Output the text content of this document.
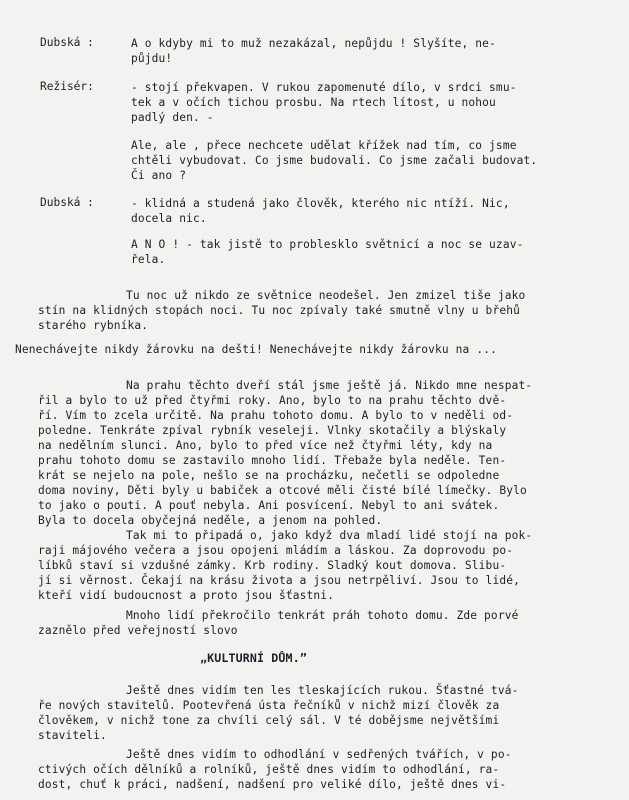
Dubská :	A o kdyby mi to muž nezakázal, nepůjdu ! Slyšíte, ne-
půjdu!
Režisér:	- stojí překvapen. V rukou zapomenuté dílo, v srdci smu-
tek a v očích tichou prosbu. Na rtech lítost, u nohou
padlý den. -
Ale, ale , přece nechcete udělat křížek nad tím, co jsme
chtěli vybudovat. Co jsme budovali. Co jsme začali budovat.
Či ano ?
Dubská :	- klidná a studená jako člověk, kterého nic ntíží. Nic,
docela nic.
A N O ! - tak jistě to problesklo světnicí a noc se uzav-
řela.
Tu noc už nikdo ze světnice neodešel. Jen zmizel tiše jako
stín na klidných stopách noci. Tu noc zpívaly také smutně vlny u břehů
starého rybníka.
Nenechávejte nikdy žárovku na dešti! Nenechávejte nikdy žárovku na ...
Na prahu těchto dveří stál jsme ještě já. Nikdo mne nespat-
řil a bylo to už před čtyřmi roky. Ano, bylo to na prahu těchto dvě-
ří. Vím to zcela určitě. Na prahu tohoto domu. A bylo to v neděli od-
poledne. Tenkráte zpíval rybník veseleji. Vlnky skotačily a blýskaly
na nedělním slunci. Ano, bylo to před více než čtyřmi léty, kdy na
prahu tohoto domu se zastavilo mnoho lidí. Třebaže byla neděle. Ten-
krát se nejelo na pole, nešlo se na procházku, nečetli se odpoledne
doma noviny, Děti byly u babiček a otcové měli čisté bílé límečky. Bylo
to jako o pouti. A pouť nebyla. Ani posvícení. Nebyl to ani svátek.
Byla to docela obyčejná neděle, a jenom na pohled.
Tak mi to připadá o, jako když dva mladí lidé stojí na pok-
raji májového večera a jsou opojeni mládím a láskou. Za doprovodu po-
líbků staví si vzdušné zámky. Krb rodiny. Sladký kout domova. Slibu-
jí si věrnost. Čekají na krásu života a jsou netrpěliví. Jsou to lidé,
kteří vidí budoucnost a proto jsou šťastni.
Mnoho lidí překročilo tenkrát práh tohoto domu. Zde porvé
zaznělo před veřejností slovo
„KULTURNÍ DŮM.”
Ještě dnes vidím ten les tleskajících rukou. Šťastné tvá-
ře nových stavitelů. Pootevřená ústa řečníků v nichž mizí člověk za
člověkem, v nichž tone za chvíli celý sál. V té dobějsme největšími
staviteli.
Ještě dnes vidím to odhodlání v sedřených tvářích, v po-
ctivých očích dělníků a rolníků, ještě dnes vidím to odhodlání, ra-
dost, chuť k práci, nadšení, nadšení pro veliké dílo, ještě dnes vi-
